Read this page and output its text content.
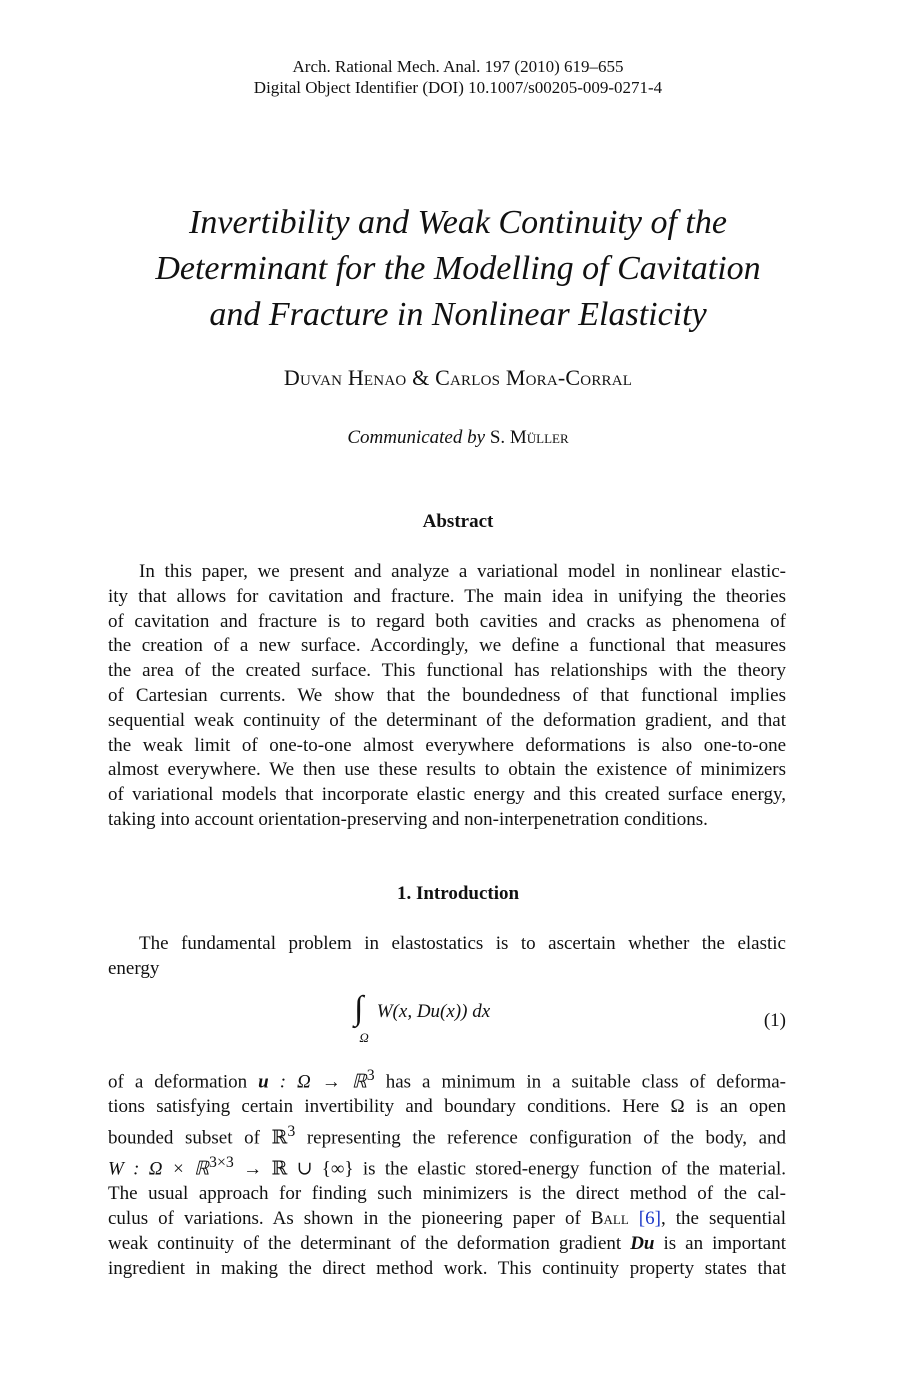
Arch. Rational Mech. Anal. 197 (2010) 619–655
Digital Object Identifier (DOI) 10.1007/s00205-009-0271-4
Invertibility and Weak Continuity of the
Determinant for the Modelling of Cavitation
and Fracture in Nonlinear Elasticity
Duvan Henao & Carlos Mora-Corral
Communicated by S. Müller
Abstract
In this paper, we present and analyze a variational model in nonlinear elastic-
ity that allows for cavitation and fracture. The main idea in unifying the theories
of cavitation and fracture is to regard both cavities and cracks as phenomena of
the creation of a new surface. Accordingly, we define a functional that measures
the area of the created surface. This functional has relationships with the theory
of Cartesian currents. We show that the boundedness of that functional implies
sequential weak continuity of the determinant of the deformation gradient, and that
the weak limit of one-to-one almost everywhere deformations is also one-to-one
almost everywhere. We then use these results to obtain the existence of minimizers
of variational models that incorporate elastic energy and this created surface energy,
taking into account orientation-preserving and non-interpenetration conditions.
1. Introduction
The fundamental problem in elastostatics is to ascertain whether the elastic
energy
∫
Ω
W(x, Du(x)) dx	(1)
of a deformation u : Ω → ℝ$^3$ has a minimum in a suitable class of deforma-
tions satisfying certain invertibility and boundary conditions. Here Ω is an open
bounded subset of ℝ$^3$ representing the reference configuration of the body, and
W : Ω × ℝ$^{3\times 3}$ → ℝ ∪ {∞} is the elastic stored-energy function of the material.
The usual approach for finding such minimizers is the direct method of the cal-
culus of variations. As shown in the pioneering paper of Ball [6], the sequential
weak continuity of the determinant of the deformation gradient Du is an important
ingredient in making the direct method work. This continuity property states that
